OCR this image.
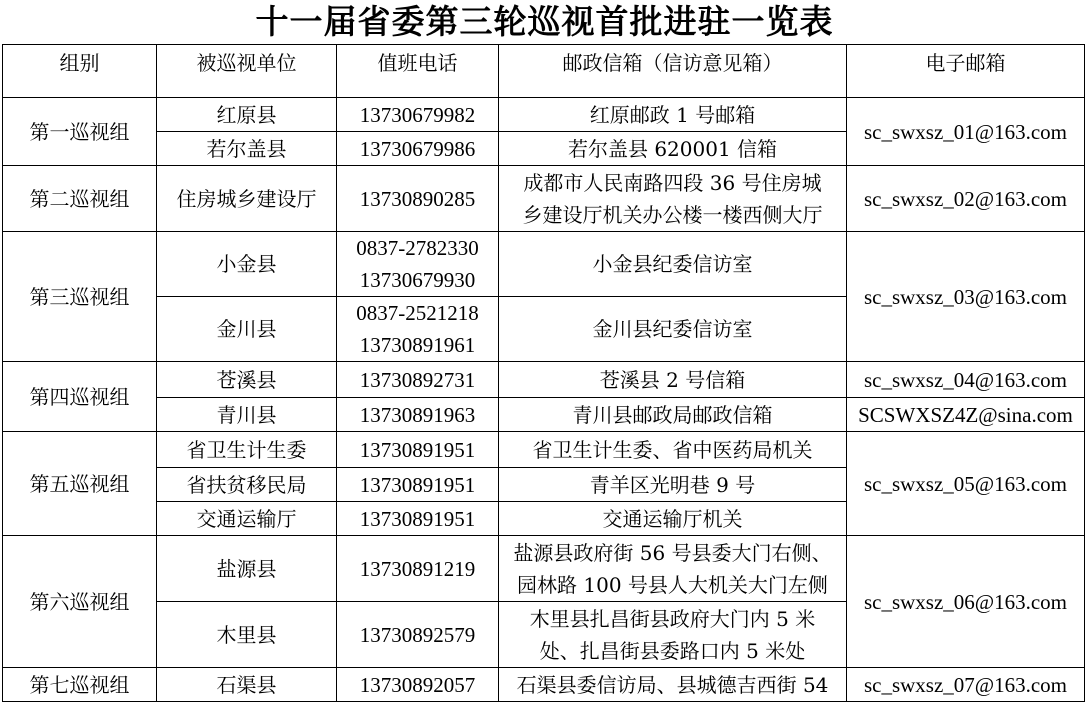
十一届省委第三轮巡视首批进驻一览表
组别	被巡视单位	值班电话	邮政信箱（信访意见箱）	电子邮箱
第一巡视组	红原县	13730679982	红原邮政 1 号邮箱	sc_swxsz_01@163.com
	若尔盖县	13730679986	若尔盖县 620001 信箱	
第二巡视组	住房城乡建设厅	13730890285	成都市人民南路四段 36 号住房城
乡建设厅机关办公楼一楼西侧大厅	sc_swxsz_02@163.com
第三巡视组	小金县	0837-2782330
13730679930	小金县纪委信访室	sc_swxsz_03@163.com
	金川县	0837-2521218
13730891961	金川县纪委信访室	
第四巡视组	苍溪县	13730892731	苍溪县 2 号信箱	sc_swxsz_04@163.com
	青川县	13730891963	青川县邮政局邮政信箱	SCSWXSZ4Z@sina.com
第五巡视组	省卫生计生委	13730891951	省卫生计生委、省中医药局机关	sc_swxsz_05@163.com
	省扶贫移民局	13730891951	青羊区光明巷 9 号	
	交通运输厅	13730891951	交通运输厅机关	
第六巡视组	盐源县	13730891219	盐源县政府街 56 号县委大门右侧、
园林路 100 号县人大机关大门左侧	sc_swxsz_06@163.com
	木里县	13730892579	木里县扎昌街县政府大门内 5 米
处、扎昌街县委路口内 5 米处	

第七巡视组	石渠县	13730892057	石渠县委信访局、县城德吉西街 54	sc_swxsz_07@163.com
